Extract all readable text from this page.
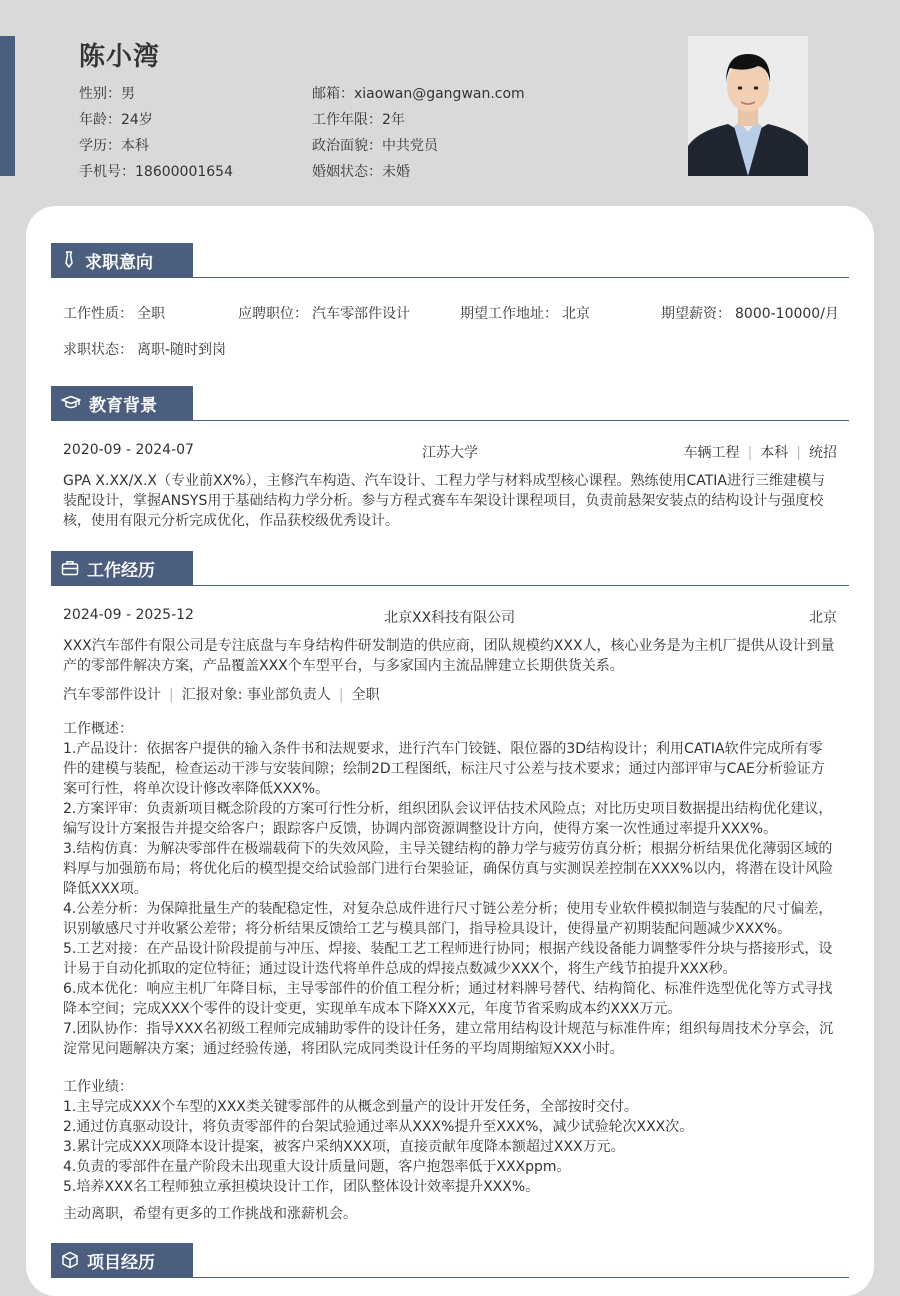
陈小湾
性别：男
年龄：24岁
学历：本科
手机号：18600001654
邮箱：xiaowan@gangwan.com
工作年限：2年
政治面貌：中共党员
婚姻状态：未婚
求职意向
工作性质： 全职	应聘职位： 汽车零部件设计	期望工作地址： 北京	期望薪资： 8000-10000/月
求职状态： 离职-随时到岗
教育背景
2020-09 - 2024-07	江苏大学	车辆工程 | 本科 | 统招
GPA X.XX/X.X（专业前XX%），主修汽车构造、汽车设计、工程力学与材料成型核心课程。熟练使用CATIA进行三维建模与装配设计，掌握ANSYS用于基础结构力学分析。参与方程式赛车车架设计课程项目，负责前悬架安装点的结构设计与强度校核，使用有限元分析完成优化，作品获校级优秀设计。
工作经历
2024-09 - 2025-12	北京XX科技有限公司	北京
XXX汽车部件有限公司是专注底盘与车身结构件研发制造的供应商，团队规模约XXX人，核心业务是为主机厂提供从设计到量产的零部件解决方案，产品覆盖XXX个车型平台，与多家国内主流品牌建立长期供货关系。
汽车零部件设计 | 汇报对象: 事业部负责人 | 全职

工作概述：

1.产品设计：依据客户提供的输入条件书和法规要求，进行汽车门铰链、限位器的3D结构设计；利用CATIA软件完成所有零件的建模与装配，检查运动干涉与安装间隙；绘制2D工程图纸，标注尺寸公差与技术要求；通过内部评审与CAE分析验证方案可行性，将单次设计修改率降低XXX%。

2.方案评审：负责新项目概念阶段的方案可行性分析，组织团队会议评估技术风险点；对比历史项目数据提出结构优化建议，编写设计方案报告并提交给客户；跟踪客户反馈，协调内部资源调整设计方向，使得方案一次性通过率提升XXX%。

3.结构仿真：为解决零部件在极端载荷下的失效风险，主导关键结构的静力学与疲劳仿真分析；根据分析结果优化薄弱区域的料厚与加强筋布局；将优化后的模型提交给试验部门进行台架验证，确保仿真与实测误差控制在XXX%以内，将潜在设计风险降低XXX项。

4.公差分析：为保障批量生产的装配稳定性，对复杂总成件进行尺寸链公差分析；使用专业软件模拟制造与装配的尺寸偏差，识别敏感尺寸并收紧公差带；将分析结果反馈给工艺与模具部门，指导检具设计，使得量产初期装配问题减少XXX%。

5.工艺对接：在产品设计阶段提前与冲压、焊接、装配工艺工程师进行协同；根据产线设备能力调整零件分块与搭接形式，设计易于自动化抓取的定位特征；通过设计迭代将单件总成的焊接点数减少XXX个，将生产线节拍提升XXX秒。

6.成本优化：响应主机厂年降目标，主导零部件的价值工程分析；通过材料牌号替代、结构简化、标准件选型优化等方式寻找降本空间；完成XXX个零件的设计变更，实现单车成本下降XXX元，年度节省采购成本约XXX万元。

7.团队协作：指导XXX名初级工程师完成辅助零件的设计任务，建立常用结构设计规范与标准件库；组织每周技术分享会，沉淀常见问题解决方案；通过经验传递，将团队完成同类设计任务的平均周期缩短XXX小时。

工作业绩：

1.主导完成XXX个车型的XXX类关键零部件的从概念到量产的设计开发任务，全部按时交付。

2.通过仿真驱动设计，将负责零部件的台架试验通过率从XXX%提升至XXX%，减少试验轮次XXX次。

3.累计完成XXX项降本设计提案，被客户采纳XXX项，直接贡献年度降本额超过XXX万元。

4.负责的零部件在量产阶段未出现重大设计质量问题，客户抱怨率低于XXXppm。

5.培养XXX名工程师独立承担模块设计工作，团队整体设计效率提升XXX%。

主动离职，希望有更多的工作挑战和涨薪机会。
项目经历
